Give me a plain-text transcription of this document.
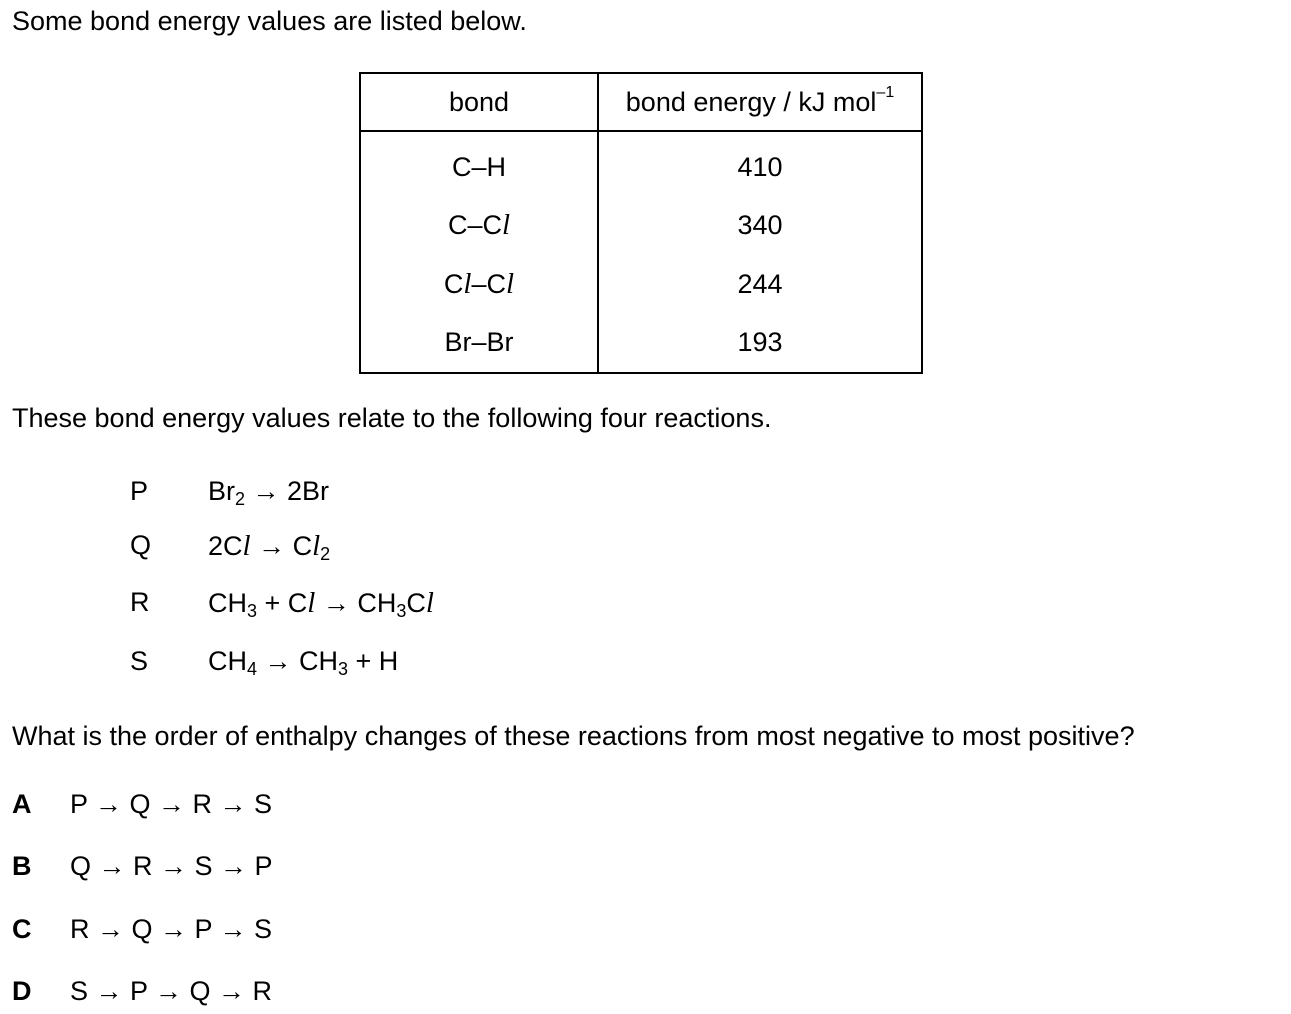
Some bond energy values are listed below.
bond	bond energy / kJ mol$^{-1}$
C–H	410
C–Cl	340
Cl–Cl	244
Br–Br	193
These bond energy values relate to the following four reactions.
P $Br_2 \to 2Br$
Q $2Cl \to Cl_2$
R $CH_3 + Cl \to CH_3Cl$
S $CH_4 \to CH_3 + H$
What is the order of enthalpy changes of these reactions from most negative to most positive?
A P → Q → R → S
B Q → R → S → P
C R → Q → P → S
D S → P → Q → R
